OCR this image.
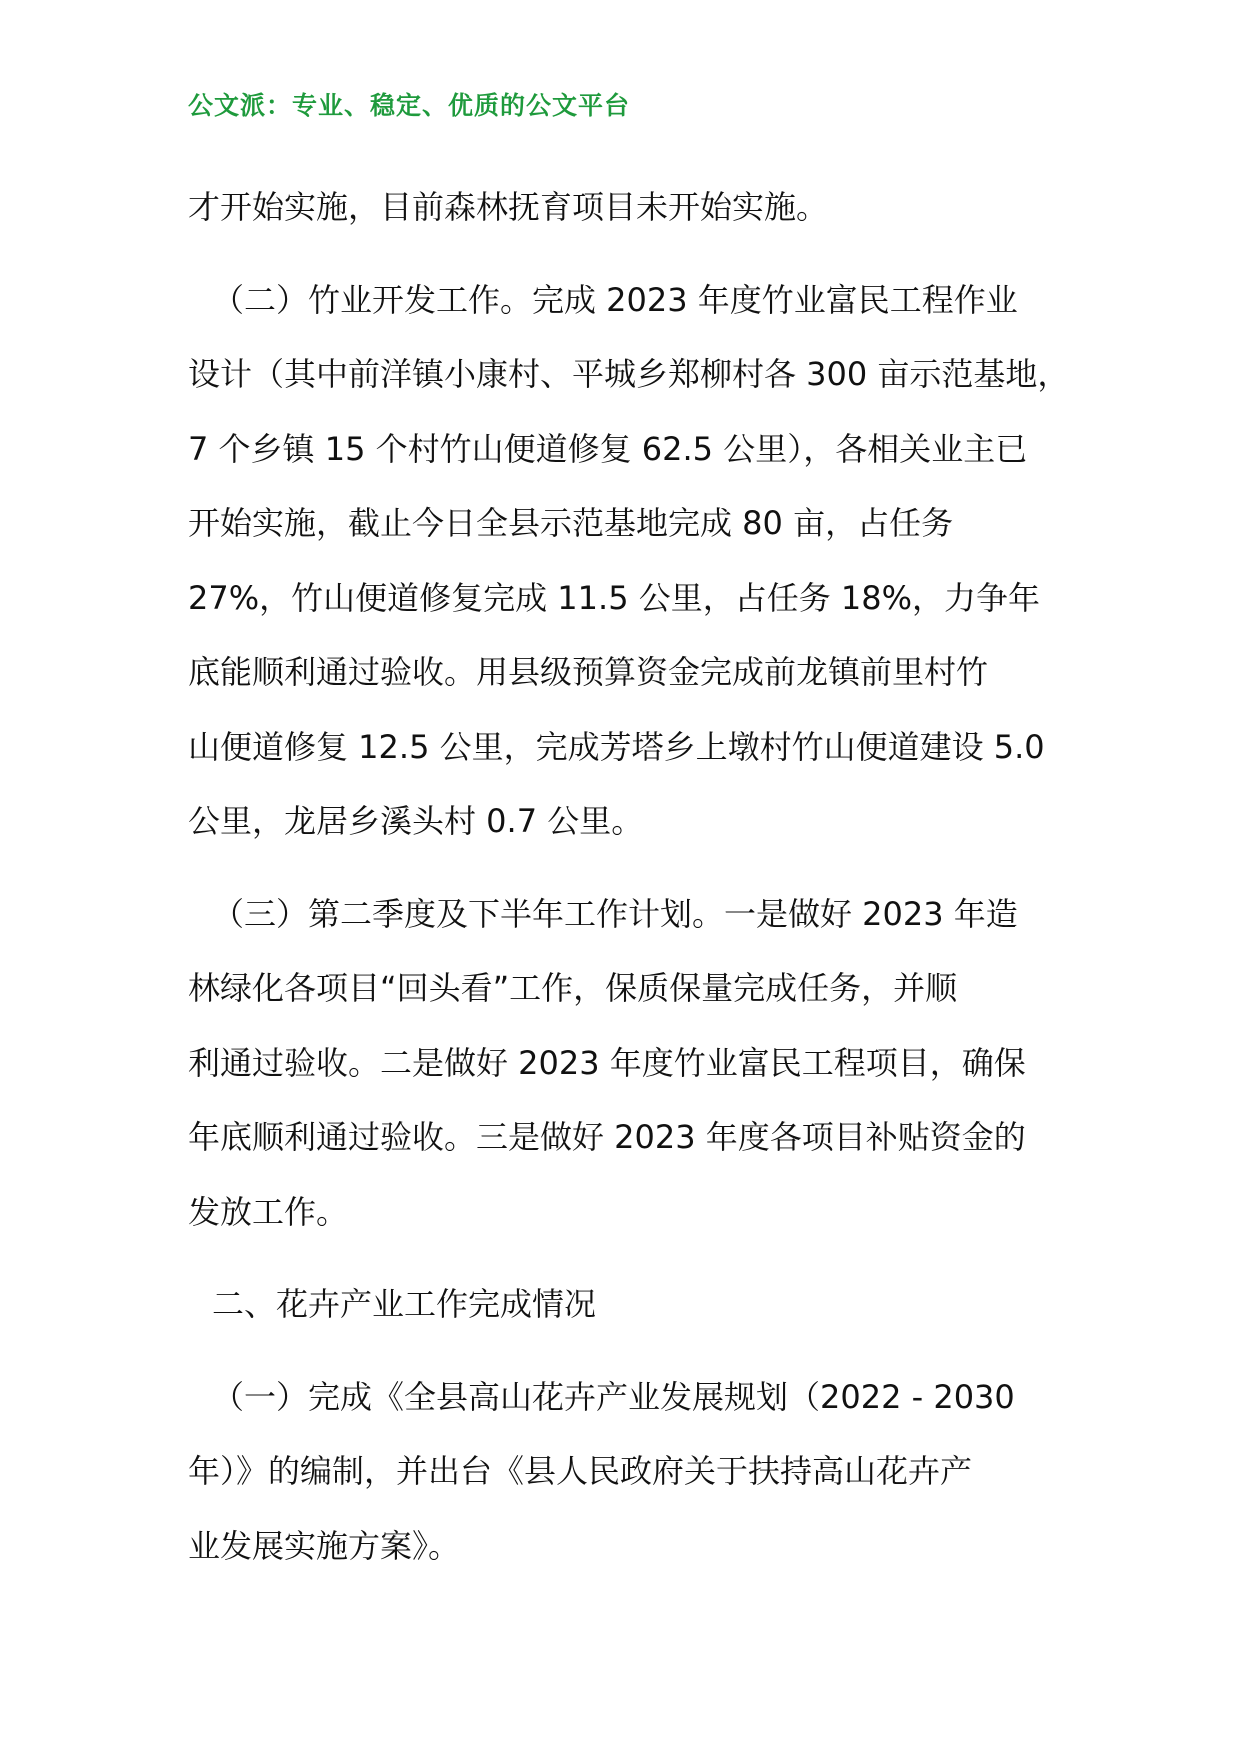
公文派：专业、稳定、优质的公文平台
才开始实施，目前森林抚育项目未开始实施。
（二）竹业开发工作。完成 2023 年度竹业富民工程作业
设计（其中前洋镇小康村、平城乡郑柳村各 300 亩示范基地，
7 个乡镇 15 个村竹山便道修复 62.5 公里），各相关业主已
开始实施，截止今日全县示范基地完成 80 亩，占任务
27%，竹山便道修复完成 11.5 公里，占任务 18%，力争年
底能顺利通过验收。用县级预算资金完成前龙镇前里村竹
山便道修复 12.5 公里，完成芳塔乡上墩村竹山便道建设 5.0
公里，龙居乡溪头村 0.7 公里。
（三）第二季度及下半年工作计划。一是做好 2023 年造
林绿化各项目“回头看”工作，保质保量完成任务，并顺
利通过验收。二是做好 2023 年度竹业富民工程项目，确保
年底顺利通过验收。三是做好 2023 年度各项目补贴资金的
发放工作。
二、花卉产业工作完成情况
（一）完成《全县高山花卉产业发展规划（2022 - 2030
年）》的编制，并出台《县人民政府关于扶持高山花卉产
业发展实施方案》。
